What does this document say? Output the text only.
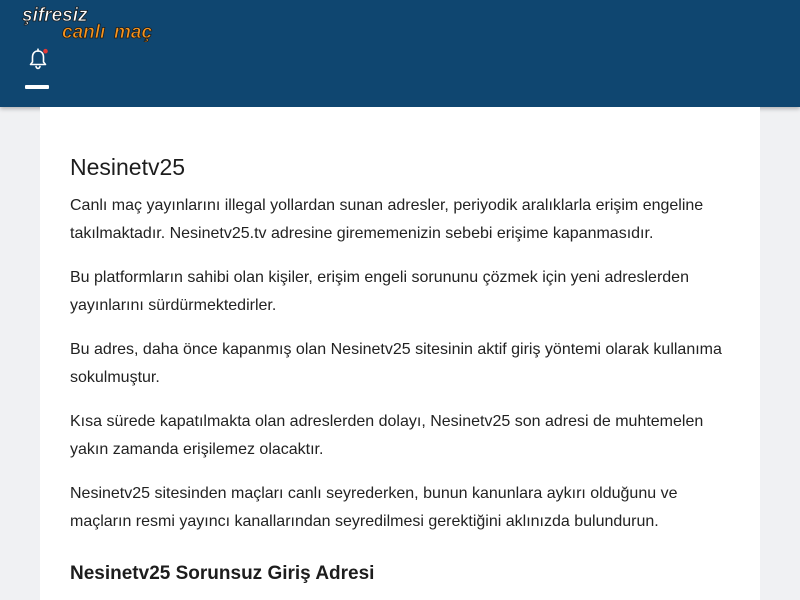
şifresiz
canlı maç
Nesinetv25

Canlı maç yayınlarını illegal yollardan sunan adresler, periyodik aralıklarla erişim engeline takılmaktadır. Nesinetv25.tv adresine girememenizin sebebi erişime kapanmasıdır.

Bu platformların sahibi olan kişiler, erişim engeli sorununu çözmek için yeni adreslerden yayınlarını sürdürmektedirler.

Bu adres, daha önce kapanmış olan Nesinetv25 sitesinin aktif giriş yöntemi olarak kullanıma sokulmuştur.

Kısa sürede kapatılmakta olan adreslerden dolayı, Nesinetv25 son adresi de muhtemelen yakın zamanda erişilemez olacaktır.

Nesinetv25 sitesinden maçları canlı seyrederken, bunun kanunlara aykırı olduğunu ve maçların resmi yayıncı kanallarından seyredilmesi gerektiğini aklınızda bulundurun.

Nesinetv25 Sorunsuz Giriş Adresi
